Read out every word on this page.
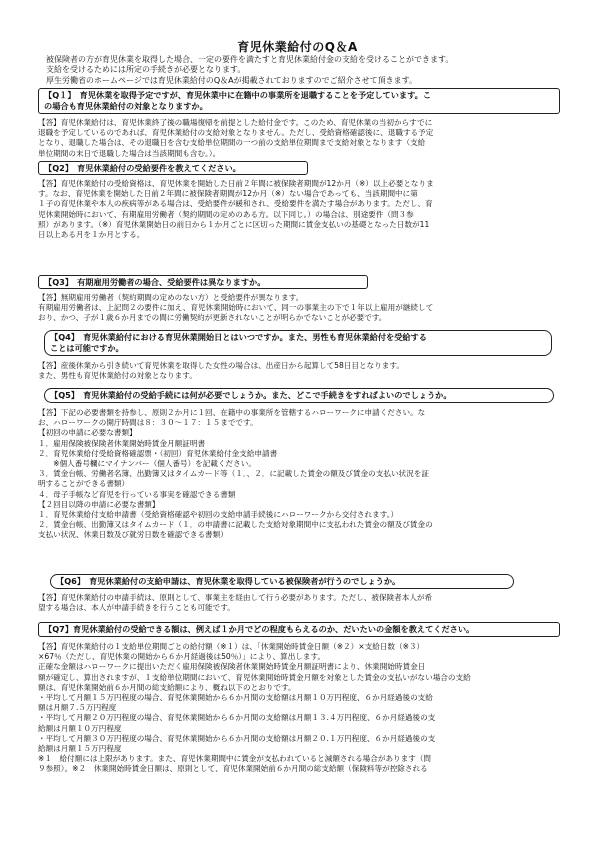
育児休業給付のQ＆A
被保険者の方が育児休業を取得した場合、一定の要件を満たすと育児休業給付金の支給を受けることができます。
支給を受けるためには所定の手続きが必要となります。
厚生労働省のホームページでは育児休業給付のQ＆Aが掲載されておりますのでご紹介させて頂きます。
【Q１】　育児休業を取得予定ですが、育児休業中に在籍中の事業所を退職することを予定しています。こ
の場合も育児休業給付の対象となりますか。
【答】育児休業給付は、育児休業終了後の職場復帰を前提とした給付金です。このため、育児休業の当初からすでに
退職を予定しているのであれば、育児休業給付の支給対象となりません。ただし、受給資格確認後に、退職する予定
となり、退職した場合は、その退職日を含む支給単位期間の一つ前の支給単位期間まで支給対象となります（支給
単位期間の末日で退職した場合は当該期間も含む。）。
【Q2】　育児休業給付の受給要件を教えてください。
【答】育児休業給付の受給資格は、育児休業を開始した日前２年間に被保険者期間が12か月（※）以上必要となりま
す。なお、育児休業を開始した日前２年間に被保険者期間が12か月（※）ない場合であっても、当該期間中に第
１子の育児休業や本人の疾病等がある場合は、受給要件が緩和され、受給要件を満たす場合があります。ただし、育
児休業開始時において、有期雇用労働者（契約期間の定めのある方。以下同じ。）の場合は、別途要件（問３参
照）があります。（※）育児休業開始日の前日から１か月ごとに区切った期間に賃金支払いの基礎となった日数が11
日以上ある月を１か月とする。
【Q3】　有期雇用労働者の場合、受給要件は異なりますか。
【答】無期雇用労働者（契約期間の定めのない方）と受給要件が異なります。
有期雇用労働者は、上記問２の要件に加え、育児休業開始時において、同一の事業主の下で１年以上雇用が継続して
おり、かつ、子が１歳６か月までの間に労働契約が更新されないことが明らかでないことが必要です。
【Q4】　育児休業給付における育児休業開始日とはいつですか。また、男性も育児休業給付を受給する
ことは可能ですか。
【答】産後休業から引き続いて育児休業を取得した女性の場合は、出産日から起算して58日目となります。
また、男性も育児休業給付の対象となります。
【Q5】　育児休業給付の受給手続には何が必要でしょうか。また、どこで手続きをすればよいのでしょうか。
【答】下記の必要書類を持参し、原則２か月に１回、在籍中の事業所を管轄するハローワークに申請ください。な
お、ハローワークの開庁時間は８：３０～１７：１５までです。
【初回の申請に必要な書類】
１．雇用保険被保険者休業開始時賃金月額証明書
２．育児休業給付受給資格確認票・（初回）育児休業給付金支給申請書
　　※個人番号欄にマイナンバー（個人番号）を記載ください。
３．賃金台帳、労働者名簿、出勤簿又はタイムカード等（１．、２．に記載した賃金の額及び賃金の支払い状況を証
明することができる書類）
４．母子手帳など育児を行っている事実を確認できる書類
【２回目以降の申請に必要な書類】
１．育児休業給付支給申請書（受給資格確認や初回の支給申請手続後にハローワークから交付されます。）
２．賃金台帳、出勤簿又はタイムカード（１．の申請書に記載した支給対象期間中に支払われた賃金の額及び賃金の
支払い状況、休業日数及び就労日数を確認できる書類）
【Q6】　育児休業給付の支給申請は、育児休業を取得している被保険者が行うのでしょうか。
【答】育児休業給付の申請手続は、原則として、事業主を経由して行う必要があります。ただし、被保険者本人が希
望する場合は、本人が申請手続きを行うことも可能です。
【Q7】育児休業給付の受給できる額は、例えば１か月でどの程度もらえるのか、だいたいの金額を教えてください。
【答】育児休業給付の１支給単位期間ごとの給付額（※１）は、「休業開始時賃金日額（※２）×支給日数（※３）
×67％（ただし、育児休業の開始から６か月経過後は50％）」により、算出します。
正確な金額はハローワークに提出いただく雇用保険被保険者休業開始時賃金月額証明書により、休業開始時賃金日
額が確定し、算出されますが、１支給単位期間において、育児休業開始時賃金月額を対象とした賃金の支払いがない場合の支給
額は、育児休業開始前６か月間の総支給額により、概ね以下のとおりです。
・平均して月額１５万円程度の場合、育児休業開始から６か月間の支給額は月額１０万円程度、６か月経過後の支給
額は月額７.５万円程度
・平均して月額２０万円程度の場合、育児休業開始から６か月間の支給額は月額１３.４万円程度、６か月経過後の支
給額は月額１０万円程度
・平均して月額３０万円程度の場合、育児休業開始から６か月間の支給額は月額２０.１万円程度、６か月経過後の支
給額は月額１５万円程度
※１　給付額には上限があります。また、育児休業期間中に賃金が支払われていると減額される場合があります（問
９参照）。※２　休業開始時賃金日額は、原則として、育児休業開始前６か月間の総支給額（保険料等が控除される
